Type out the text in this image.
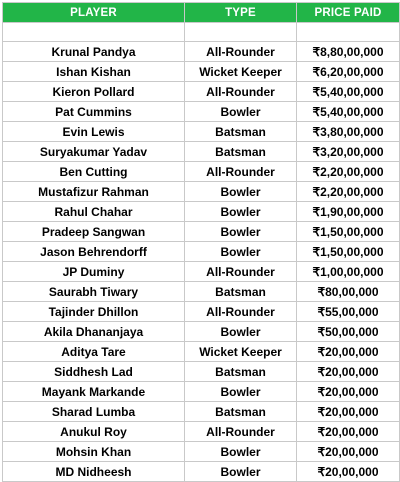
PLAYER	TYPE	PRICE PAID

Krunal Pandya	All-Rounder	₹8,80,00,000
Ishan Kishan	Wicket Keeper	₹6,20,00,000
Kieron Pollard	All-Rounder	₹5,40,00,000
Pat Cummins	Bowler	₹5,40,00,000
Evin Lewis	Batsman	₹3,80,00,000
Suryakumar Yadav	Batsman	₹3,20,00,000
Ben Cutting	All-Rounder	₹2,20,00,000
Mustafizur Rahman	Bowler	₹2,20,00,000
Rahul Chahar	Bowler	₹1,90,00,000
Pradeep Sangwan	Bowler	₹1,50,00,000
Jason Behrendorff	Bowler	₹1,50,00,000
JP Duminy	All-Rounder	₹1,00,00,000
Saurabh Tiwary	Batsman	₹80,00,000
Tajinder Dhillon	All-Rounder	₹55,00,000
Akila Dhananjaya	Bowler	₹50,00,000
Aditya Tare	Wicket Keeper	₹20,00,000
Siddhesh Lad	Batsman	₹20,00,000
Mayank Markande	Bowler	₹20,00,000
Sharad Lumba	Batsman	₹20,00,000
Anukul Roy	All-Rounder	₹20,00,000
Mohsin Khan	Bowler	₹20,00,000
MD Nidheesh	Bowler	₹20,00,000
